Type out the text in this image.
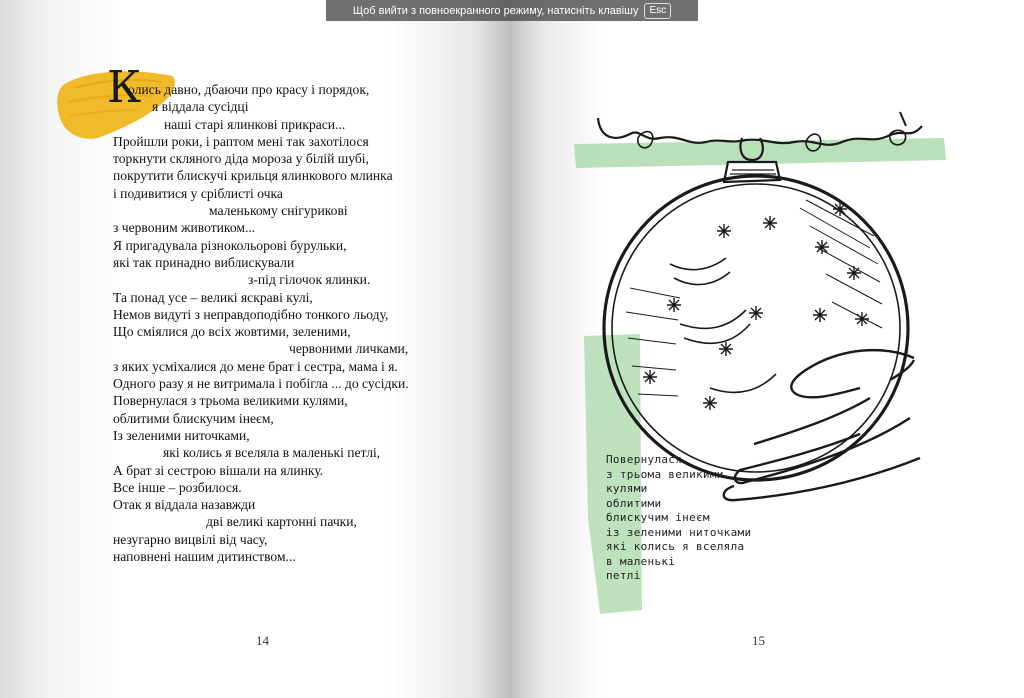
Щоб вийти з повноекранного режиму, натисніть клавішу	Esc
К
олись давно, дбаючи про красу і порядок,
я віддала сусідці
наші старі ялинкові прикраси...
Пройшли роки, і раптом мені так захотілося
торкнути скляного діда мороза у білій шубі,
покрутити блискучі крильця ялинкового млинка
і подивитися у сріблисті очка
маленькому снігурикові
з червоним животиком...
Я пригадувала різнокольорові бурульки,
які так принадно виблискували
з-під гілочок ялинки.
Та понад усе – великі яскраві кулі,
Немов видуті з неправдоподібно тонкого льоду,
Що сміялися до всіх жовтими, зеленими,
червоними личками,
з яких усміхалися до мене брат і сестра, мама і я.
Одного разу я не витримала і побігла ... до сусідки.
Повернулася з трьома великими кулями,
облитими блискучим інеєм,
Із зеленими ниточками,
які колись я вселяла в маленькі петлі,
А брат зі сестрою вішали на ялинку.
Все інше – розбилося.
Отак я віддала назавжди
дві великі картонні пачки,
незугарно вицвілі від часу,
наповнені нашим дитинством...
14
Повернулася
з трьома великими
кулями
облитими
блискучим інеєм
із зеленими ниточками
які колись я вселяла
в маленькі
петлі
15
